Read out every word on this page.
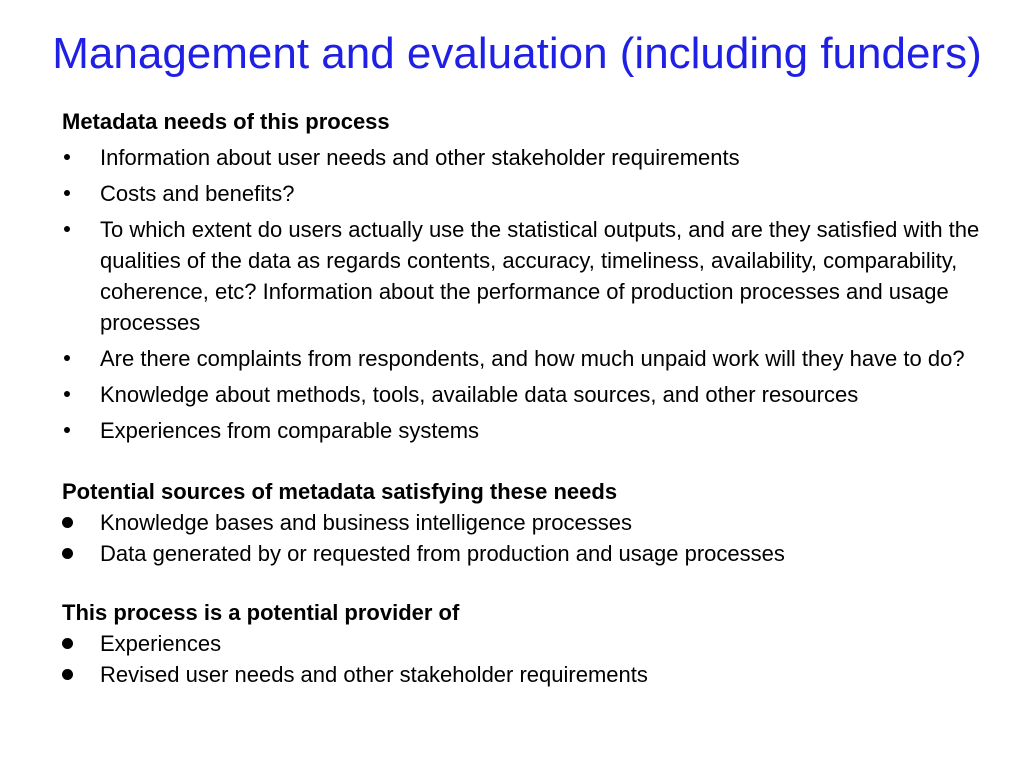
Management and evaluation (including funders)
Metadata needs of this process
Information about user needs and other stakeholder requirements
Costs and benefits?
To which extent do users actually use the statistical outputs, and are they satisfied with the qualities of the data as regards contents, accuracy, timeliness, availability, comparability, coherence, etc? Information about the performance of production processes and usage processes
Are there complaints from respondents, and how much unpaid work will they have to do?
Knowledge about methods, tools, available data sources, and other resources
Experiences from comparable systems
Potential sources of metadata satisfying these needs
Knowledge bases and business intelligence processes
Data generated by or requested from production and usage processes
This process is a potential provider of
Experiences
Revised user needs and other stakeholder requirements
